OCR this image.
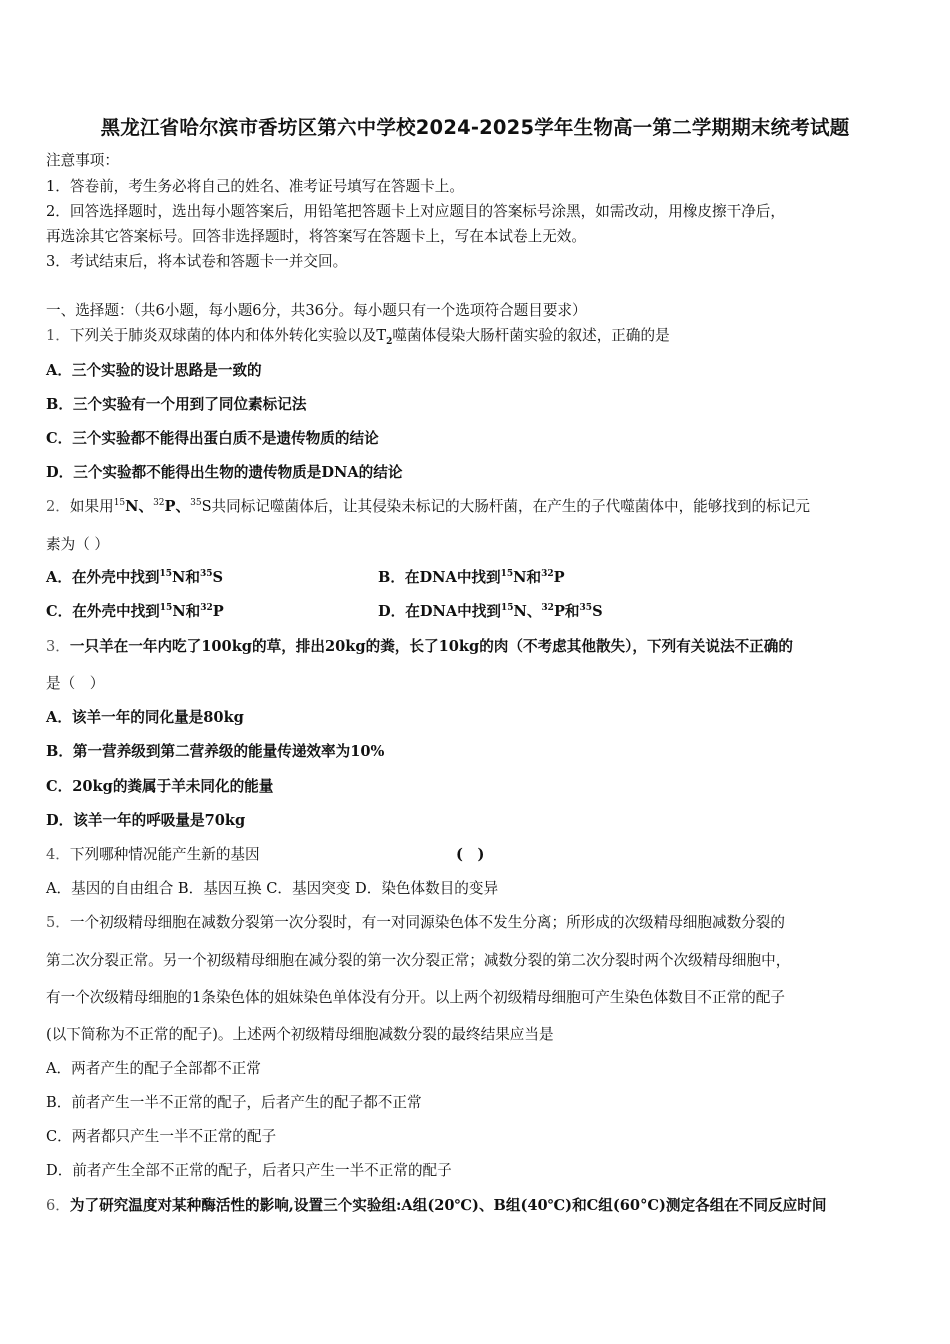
黑龙江省哈尔滨市香坊区第六中学校2024-2025学年生物高一第二学期期末统考试题
注意事项：
1．答卷前，考生务必将自己的姓名、准考证号填写在答题卡上。
2．回答选择题时，选出每小题答案后，用铅笔把答题卡上对应题目的答案标号涂黑，如需改动，用橡皮擦干净后，
再选涂其它答案标号。回答非选择题时，将答案写在答题卡上，写在本试卷上无效。
3．考试结束后，将本试卷和答题卡一并交回。
一、选择题：（共6小题，每小题6分，共36分。每小题只有一个选项符合题目要求）
1．下列关于肺炎双球菌的体内和体外转化实验以及$T_2$噬菌体侵染大肠杆菌实验的叙述，正确的是
A．三个实验的设计思路是一致的
B．三个实验有一个用到了同位素标记法
C．三个实验都不能得出蛋白质不是遗传物质的结论
D．三个实验都不能得出生物的遗传物质是DNA的结论
2．如果用$^{15}$N、$^{32}$P、$^{35}$S共同标记噬菌体后，让其侵染未标记的大肠杆菌，在产生的子代噬菌体中，能够找到的标记元
素为（ ）
A．在外壳中找到$^{15}$N和$^{35}$S	B．在DNA中找到$^{15}$N和$^{32}$P
C．在外壳中找到$^{15}$N和$^{32}$P	D．在DNA中找到$^{15}$N、$^{32}$P和$^{35}$S
3．一只羊在一年内吃了100kg的草，排出20kg的粪，长了10kg的肉（不考虑其他散失），下列有关说法不正确的
是（　）
A．该羊一年的同化量是80kg
B．第一营养级到第二营养级的能量传递效率为10%
C．20kg的粪属于羊未同化的能量
D．该羊一年的呼吸量是70kg
4．下列哪种情况能产生新的基因	(　)
A．基因的自由组合 B．基因互换 C．基因突变 D．染色体数目的变异
5．一个初级精母细胞在减数分裂第一次分裂时，有一对同源染色体不发生分离；所形成的次级精母细胞减数分裂的
第二次分裂正常。另一个初级精母细胞在减分裂的第一次分裂正常；减数分裂的第二次分裂时两个次级精母细胞中，
有一个次级精母细胞的1条染色体的姐妹染色单体没有分开。以上两个初级精母细胞可产生染色体数目不正常的配子
(以下简称为不正常的配子)。上述两个初级精母细胞减数分裂的最终结果应当是
A．两者产生的配子全部都不正常
B．前者产生一半不正常的配子，后者产生的配子都不正常
C．两者都只产生一半不正常的配子
D．前者产生全部不正常的配子，后者只产生一半不正常的配子
6．为了研究温度对某种酶活性的影响,设置三个实验组:A组(20℃)、B组(40℃)和C组(60°C)测定各组在不同反应时间
